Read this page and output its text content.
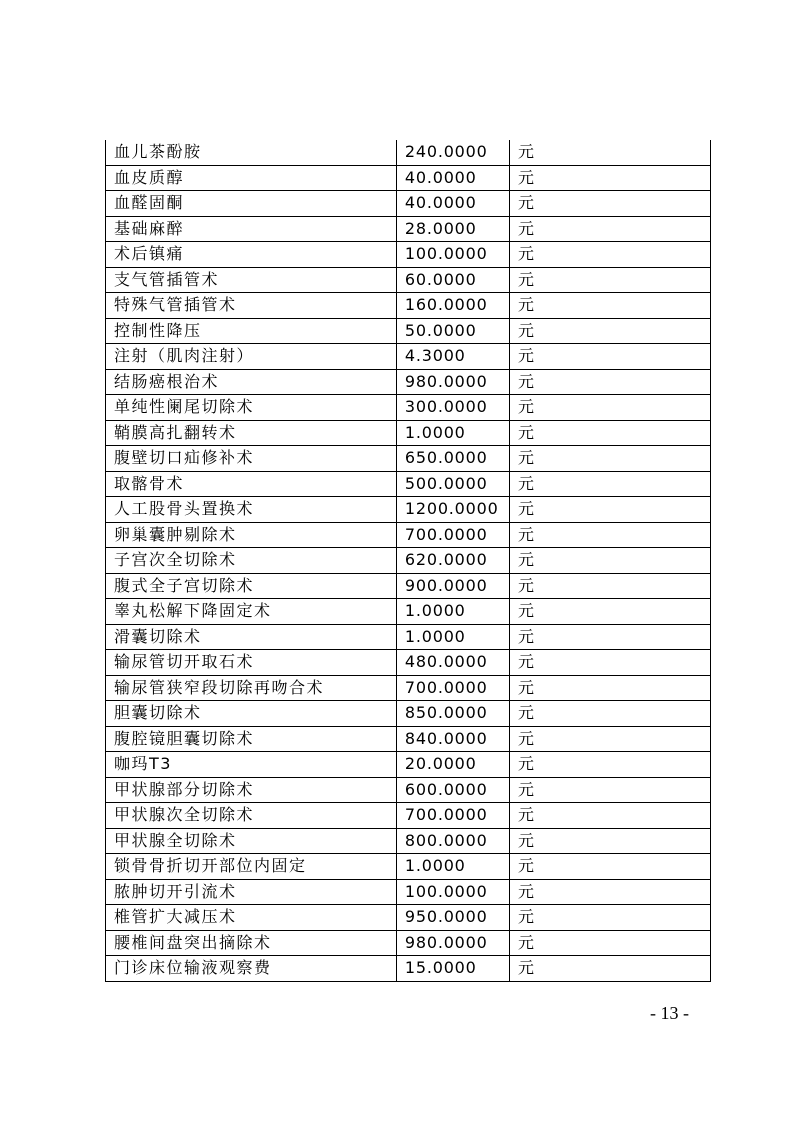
血儿茶酚胺	240.0000	元
血皮质醇	40.0000	元
血醛固酮	40.0000	元
基础麻醉	28.0000	元
术后镇痛	100.0000	元
支气管插管术	60.0000	元
特殊气管插管术	160.0000	元
控制性降压	50.0000	元
注射（肌肉注射）	4.3000	元
结肠癌根治术	980.0000	元
单纯性阑尾切除术	300.0000	元
鞘膜高扎翻转术	1.0000	元
腹壁切口疝修补术	650.0000	元
取髂骨术	500.0000	元
人工股骨头置换术	1200.0000	元
卵巢囊肿剔除术	700.0000	元
子宫次全切除术	620.0000	元
腹式全子宫切除术	900.0000	元
睾丸松解下降固定术	1.0000	元
滑囊切除术	1.0000	元
输尿管切开取石术	480.0000	元
输尿管狭窄段切除再吻合术	700.0000	元
胆囊切除术	850.0000	元
腹腔镜胆囊切除术	840.0000	元
咖玛T3	20.0000	元
甲状腺部分切除术	600.0000	元
甲状腺次全切除术	700.0000	元
甲状腺全切除术	800.0000	元
锁骨骨折切开部位内固定	1.0000	元
脓肿切开引流术	100.0000	元
椎管扩大减压术	950.0000	元
腰椎间盘突出摘除术	980.0000	元
门诊床位输液观察费	15.0000	元
- 13 -
